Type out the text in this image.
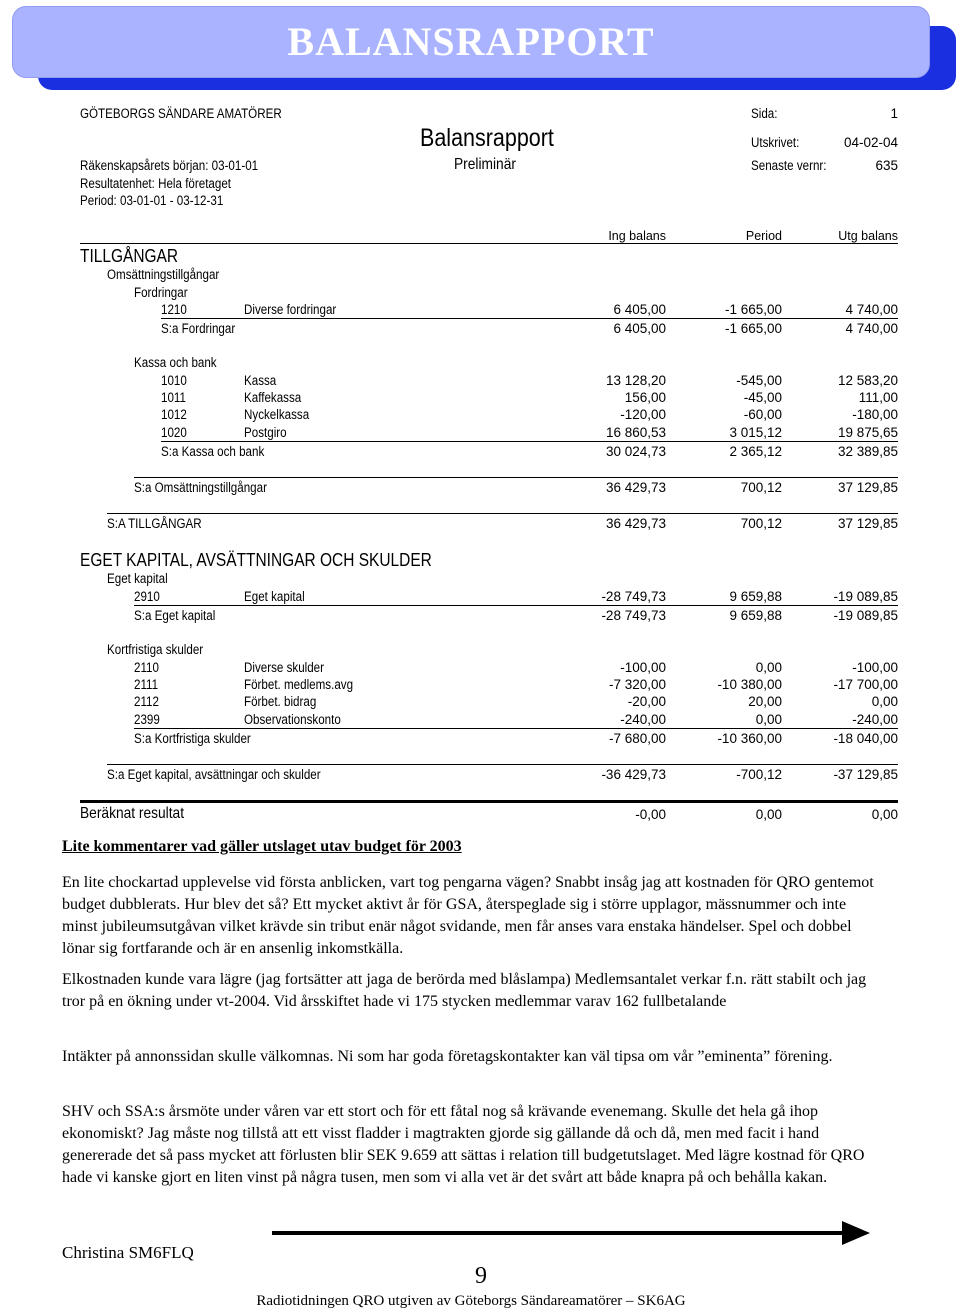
BALANSRAPPORT
GÖTEBORGS SÄNDARE AMATÖRER
Balansrapport
Preliminär
Räkenskapsårets början: 03-01-01
Resultatenhet: Hela företaget
Period: 03-01-01 - 03-12-31
Sida:	1
Utskrivet:	04-02-04
Senaste vernr:	635
Ing balans	Period	Utg balans
TILLGÅNGAR
Omsättningstillgångar
Fordringar
1210	Diverse fordringar	6 405,00	-1 665,00	4 740,00
S:a Fordringar	6 405,00	-1 665,00	4 740,00
Kassa och bank
1010	Kassa	13 128,20	-545,00	12 583,20
1011	Kaffekassa	156,00	-45,00	111,00
1012	Nyckelkassa	-120,00	-60,00	-180,00
1020	Postgiro	16 860,53	3 015,12	19 875,65
S:a Kassa och bank	30 024,73	2 365,12	32 389,85
S:a Omsättningstillgångar	36 429,73	700,12	37 129,85
S:A TILLGÅNGAR	36 429,73	700,12	37 129,85
EGET KAPITAL, AVSÄTTNINGAR OCH SKULDER
Eget kapital
2910	Eget kapital	-28 749,73	9 659,88	-19 089,85
S:a Eget kapital	-28 749,73	9 659,88	-19 089,85
Kortfristiga skulder
2110	Diverse skulder	-100,00	0,00	-100,00
2111	Förbet. medlems.avg	-7 320,00	-10 380,00	-17 700,00
2112	Förbet. bidrag	-20,00	20,00	0,00
2399	Observationskonto	-240,00	0,00	-240,00
S:a Kortfristiga skulder	-7 680,00	-10 360,00	-18 040,00
S:a Eget kapital, avsättningar och skulder	-36 429,73	-700,12	-37 129,85
Beräknat resultat	-0,00	0,00	0,00
Lite kommentarer vad gäller utslaget utav budget för 2003

En lite chockartad upplevelse vid första anblicken, vart tog pengarna vägen? Snabbt insåg jag att kostnaden för QRO gentemot budget dubblerats. Hur blev det så? Ett mycket aktivt år för GSA, återspeglade sig i större upplagor, mässnummer och inte minst jubileumsutgåvan vilket krävde sin tribut enär något svidande, men får anses vara enstaka händelser. Spel och dobbel lönar sig fortfarande och är en ansenlig inkomstkälla.

Elkostnaden kunde vara lägre (jag fortsätter att jaga de berörda med blåslampa) Medlemsantalet verkar f.n. rätt stabilt och jag tror på en ökning under vt-2004. Vid årsskiftet hade vi 175 stycken medlemmar varav 162 fullbetalande

Intäkter på annonssidan skulle välkomnas. Ni som har goda företagskontakter kan väl tipsa om vår ”eminenta” förening.

SHV och SSA:s årsmöte under våren var ett stort och för ett fåtal nog så krävande evenemang. Skulle det hela gå ihop ekonomiskt? Jag måste nog tillstå att ett visst fladder i magtrakten gjorde sig gällande då och då, men med facit i hand genererade det så pass mycket att förlusten blir SEK 9.659 att sättas i relation till budgetutslaget. Med lägre kostnad för QRO hade vi kanske gjort en liten vinst på några tusen, men som vi alla vet är det svårt att både knapra på och behålla kakan.

Christina SM6FLQ
9
Radiotidningen QRO utgiven av Göteborgs Sändareamatörer – SK6AG
